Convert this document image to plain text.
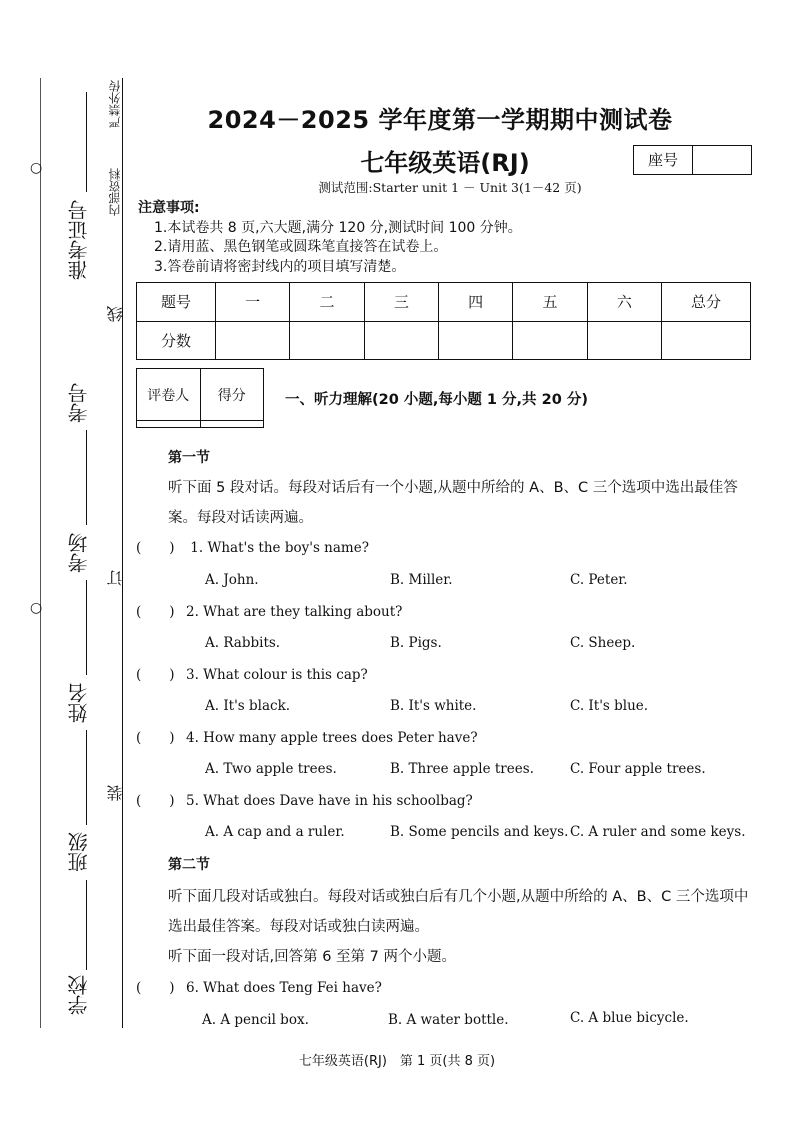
严禁外传
内部资料
准考证号
考号
考场
姓名
班级
学校
线
订
装
○
○
2024－2025 学年度第一学期期中测试卷
七年级英语(RJ)	座号
测试范围:Starter unit 1 － Unit 3(1－42 页)
注意事项:
1.本试卷共 8 页,六大题,满分 120 分,测试时间 100 分钟。
2.请用蓝、黑色钢笔或圆珠笔直接答在试卷上。
3.答卷前请将密封线内的项目填写清楚。
题号	一	二	三	四	五	六	总分
分数							
评卷人	得分
		一、听力理解(20 小题,每小题 1 分,共 20 分)
第一节

听下面 5 段对话。每段对话后有一个小题,从题中所给的 A、B、C 三个选项中选出最佳答案。每段对话读两遍。

( ) 1. What's the boy's name?
A. John.	B. Miller.	C. Peter.
( ) 2. What are they talking about?
A. Rabbits.	B. Pigs.	C. Sheep.
( ) 3. What colour is this cap?
A. It's black.	B. It's white.	C. It's blue.
( ) 4. How many apple trees does Peter have?
A. Two apple trees.	B. Three apple trees.	C. Four apple trees.
( ) 5. What does Dave have in his schoolbag?
A. A cap and a ruler.	B. Some pencils and keys. C. A ruler and some keys.
第二节

听下面几段对话或独白。每段对话或独白后有几个小题,从题中所给的 A、B、C 三个选项中选出最佳答案。每段对话或独白读两遍。

听下面一段对话,回答第 6 至第 7 两个小题。
( ) 6. What does Teng Fei have?
A. A pencil box.	B. A water bottle.	C. A blue bicycle.
七年级英语(RJ)　第 1 页(共 8 页)
